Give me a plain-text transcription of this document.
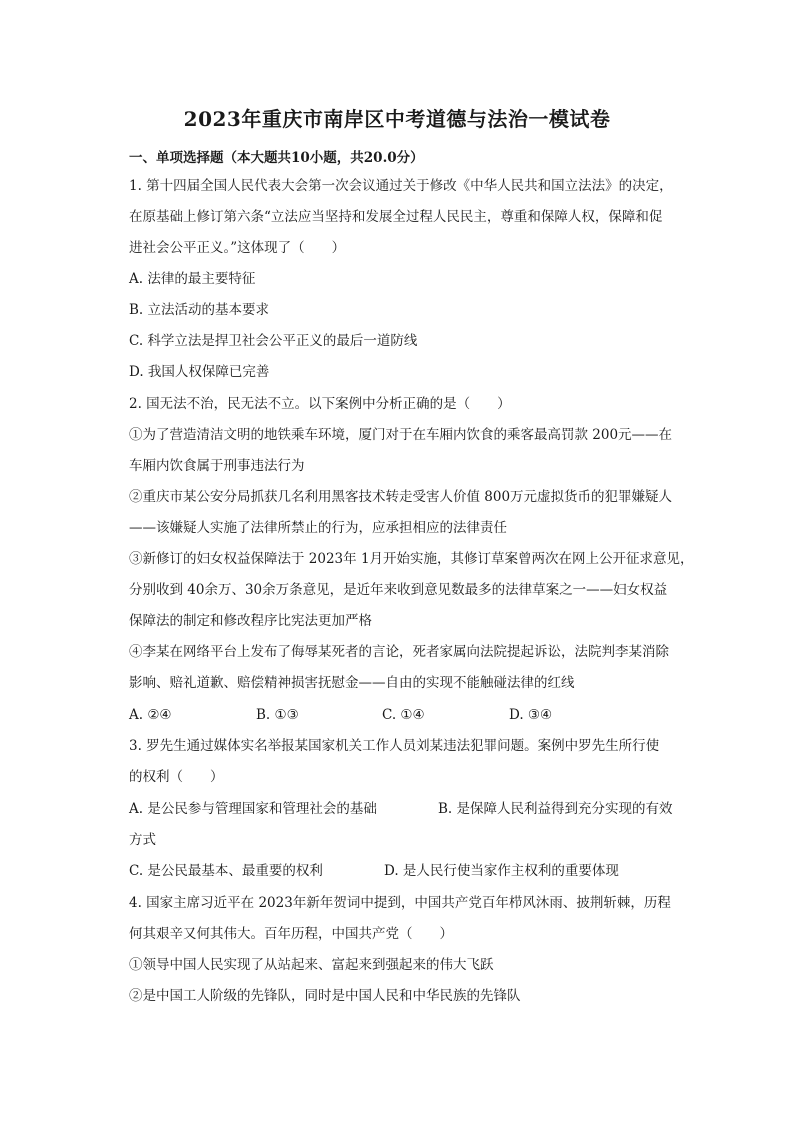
2023年重庆市南岸区中考道德与法治一模试卷
一、单项选择题（本大题共10小题，共20.0分）
1. 第十四届全国人民代表大会第一次会议通过关于修改《中华人民共和国立法法》的决定，
在原基础上修订第六条“立法应当坚持和发展全过程人民民主，尊重和保障人权，保障和促
进社会公平正义。”这体现了（　　）
A. 法律的最主要特征
B. 立法活动的基本要求
C. 科学立法是捍卫社会公平正义的最后一道防线
D. 我国人权保障已完善
2. 国无法不治，民无法不立。以下案例中分析正确的是（　　）
①为了营造清洁文明的地铁乘车环境，厦门对于在车厢内饮食的乘客最高罚款 200元——在
车厢内饮食属于刑事违法行为
②重庆市某公安分局抓获几名利用黑客技术转走受害人价值 800万元虚拟货币的犯罪嫌疑人
——该嫌疑人实施了法律所禁止的行为，应承担相应的法律责任
③新修订的妇女权益保障法于 2023年 1月开始实施，其修订草案曾两次在网上公开征求意见，
分别收到 40余万、30余万条意见，是近年来收到意见数最多的法律草案之一——妇女权益
保障法的制定和修改程序比宪法更加严格
④李某在网络平台上发布了侮辱某死者的言论，死者家属向法院提起诉讼，法院判李某消除
影响、赔礼道歉、赔偿精神损害抚慰金——自由的实现不能触碰法律的红线
A. ②④	B. ①③	C. ①④	D. ③④
3. 罗先生通过媒体实名举报某国家机关工作人员刘某违法犯罪问题。案例中罗先生所行使
的权利（　　）
A. 是公民参与管理国家和管理社会的基础	B. 是保障人民利益得到充分实现的有效
方式
C. 是公民最基本、最重要的权利	D. 是人民行使当家作主权利的重要体现
4. 国家主席习近平在 2023年新年贺词中提到，中国共产党百年栉风沐雨、披荆斩棘，历程
何其艰辛又何其伟大。百年历程，中国共产党（　　）
①领导中国人民实现了从站起来、富起来到强起来的伟大飞跃
②是中国工人阶级的先锋队，同时是中国人民和中华民族的先锋队
